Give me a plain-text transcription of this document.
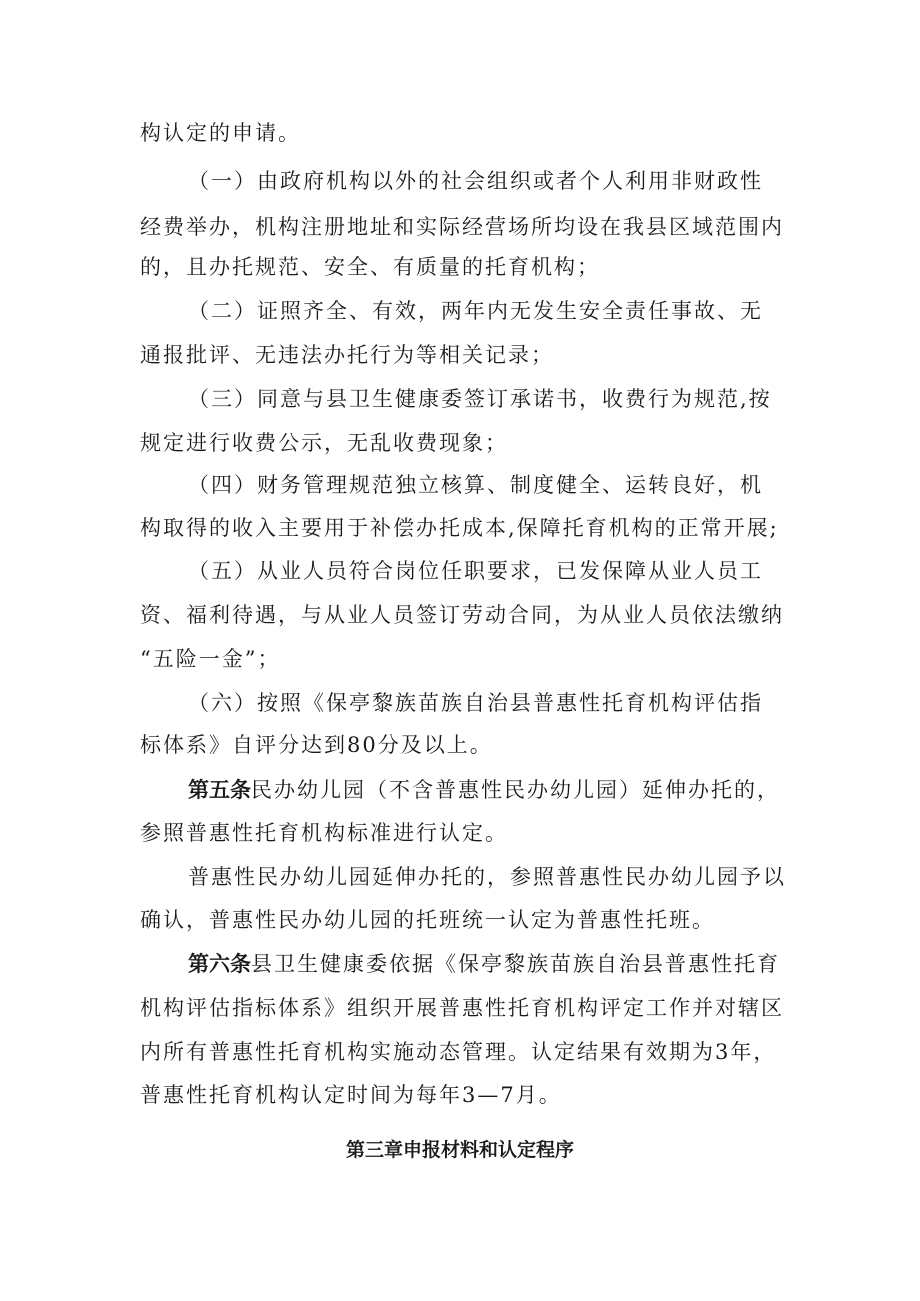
构认定的申请。
（一）由政府机构以外的社会组织或者个人利用非财政性
经费举办，机构注册地址和实际经营场所均设在我县区域范围内
的，且办托规范、安全、有质量的托育机构；
（二）证照齐全、有效，两年内无发生安全责任事故、无
通报批评、无违法办托行为等相关记录；
（三）同意与县卫生健康委签订承诺书，收费行为规范,按
规定进行收费公示，无乱收费现象；
（四）财务管理规范独立核算、制度健全、运转良好，机
构取得的收入主要用于补偿办托成本,保障托育机构的正常开展;
（五）从业人员符合岗位任职要求，已发保障从业人员工
资、福利待遇，与从业人员签订劳动合同，为从业人员依法缴纳
“五险一金”；
（六）按照《保亭黎族苗族自治县普惠性托育机构评估指
标体系》自评分达到80分及以上。
第五条民办幼儿园（不含普惠性民办幼儿园）延伸办托的，
参照普惠性托育机构标准进行认定。
普惠性民办幼儿园延伸办托的，参照普惠性民办幼儿园予以
确认，普惠性民办幼儿园的托班统一认定为普惠性托班。
第六条县卫生健康委依据《保亭黎族苗族自治县普惠性托育
机构评估指标体系》组织开展普惠性托育机构评定工作并对辖区
内所有普惠性托育机构实施动态管理。认定结果有效期为3年，
普惠性托育机构认定时间为每年3—7月。
第三章申报材料和认定程序
